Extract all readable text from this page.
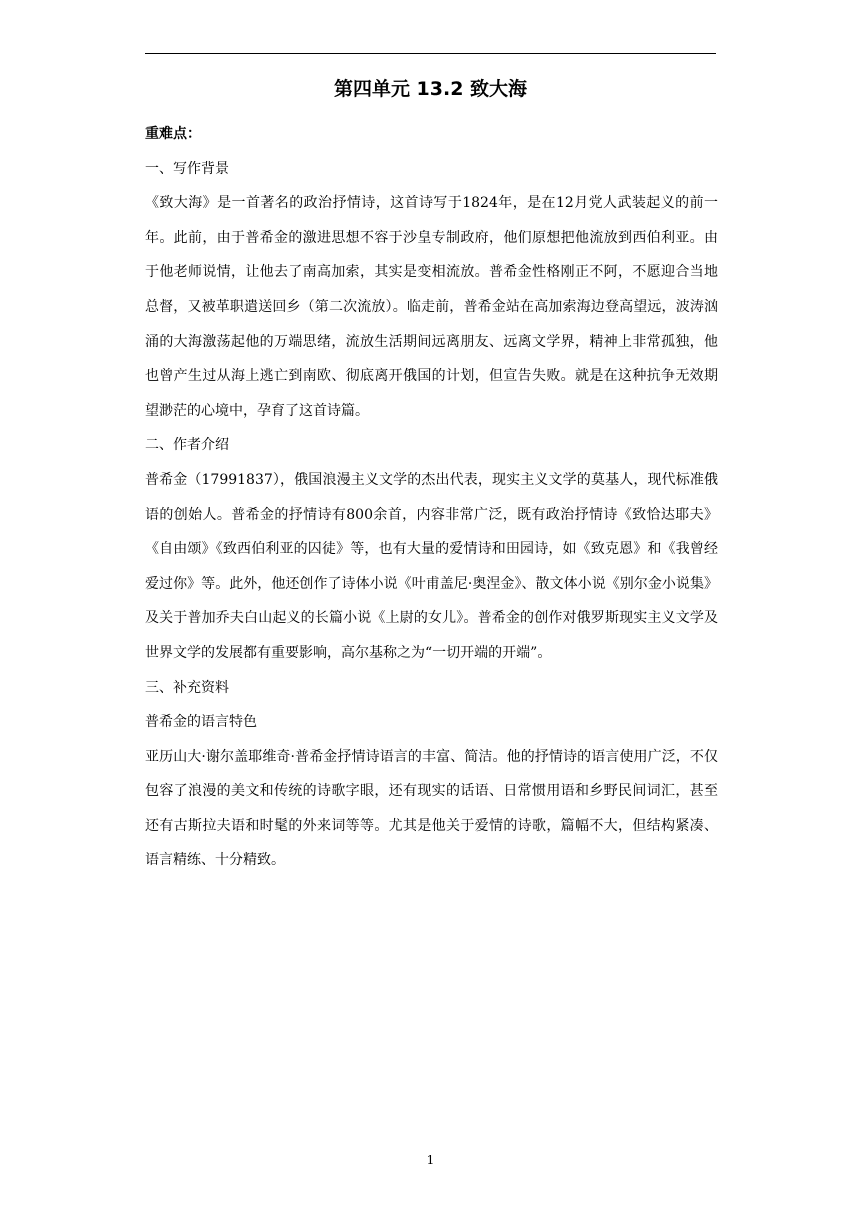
第四单元 13.2 致大海

重难点：

一、写作背景

《致大海》是一首著名的政治抒情诗，这首诗写于1824年，是在12月党人武装起义的前一年。此前，由于普希金的激进思想不容于沙皇专制政府，他们原想把他流放到西伯利亚。由于他老师说情，让他去了南高加索，其实是变相流放。普希金性格刚正不阿，不愿迎合当地总督，又被革职遣送回乡（第二次流放）。临走前，普希金站在高加索海边登高望远，波涛汹涌的大海激荡起他的万端思绪，流放生活期间远离朋友、远离文学界，精神上非常孤独，他也曾产生过从海上逃亡到南欧、彻底离开俄国的计划，但宣告失败。就是在这种抗争无效期望渺茫的心境中，孕育了这首诗篇。

二、作者介绍

普希金（17991837），俄国浪漫主义文学的杰出代表，现实主义文学的莫基人，现代标准俄语的创始人。普希金的抒情诗有800余首，内容非常广泛，既有政治抒情诗《致恰达耶夫》《自由颂》《致西伯利亚的囚徒》等，也有大量的爱情诗和田园诗，如《致克恩》和《我曾经爱过你》等。此外，他还创作了诗体小说《叶甫盖尼·奥涅金》、散文体小说《别尔金小说集》及关于普加乔夫白山起义的长篇小说《上尉的女儿》。普希金的创作对俄罗斯现实主义文学及世界文学的发展都有重要影响，高尔基称之为“一切开端的开端”。

三、补充资料

普希金的语言特色

亚历山大·谢尔盖耶维奇·普希金抒情诗语言的丰富、简洁。他的抒情诗的语言使用广泛，不仅包容了浪漫的美文和传统的诗歌字眼，还有现实的话语、日常惯用语和乡野民间词汇，甚至还有古斯拉夫语和时髦的外来词等等。尤其是他关于爱情的诗歌，篇幅不大，但结构紧凑、语言精练、十分精致。

1
